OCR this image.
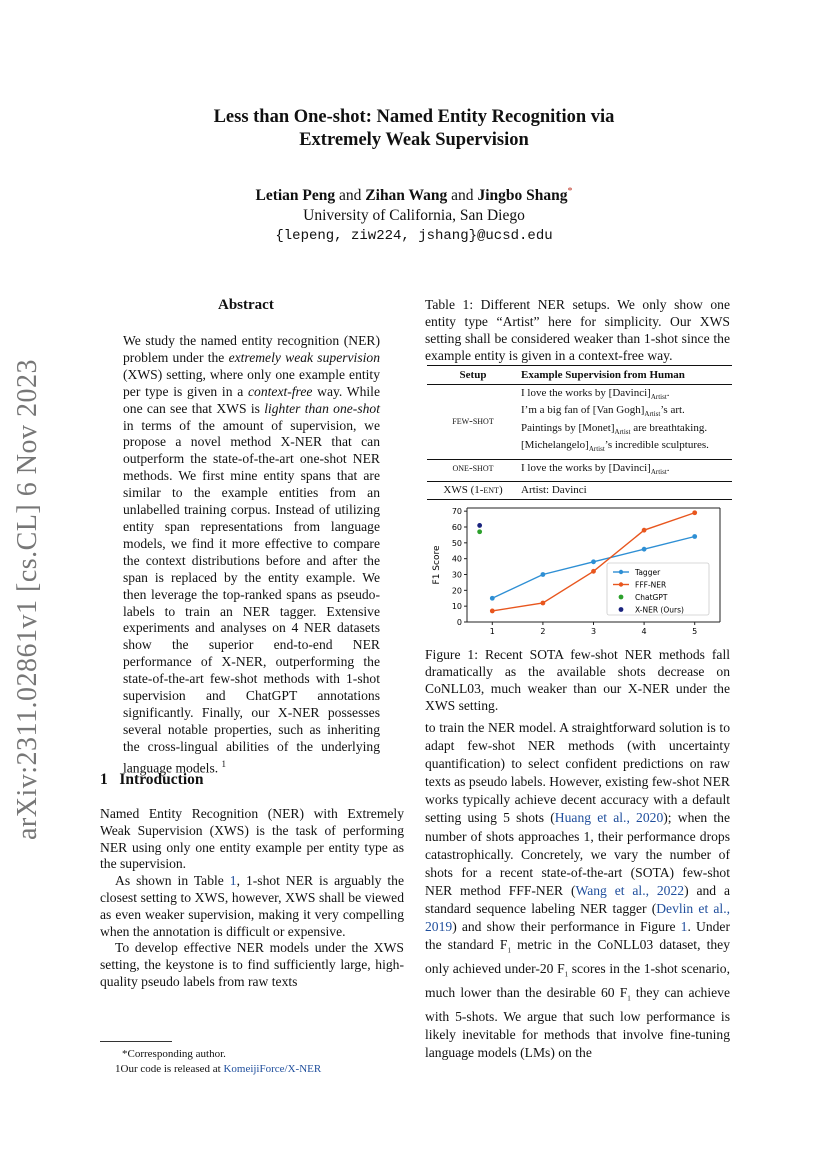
Less than One-shot: Named Entity Recognition via
Extremely Weak Supervision
Letian Peng and Zihan Wang and Jingbo Shang*
University of California, San Diego
{lepeng, ziw224, jshang}@ucsd.edu
arXiv:2311.02861v1 [cs.CL] 6 Nov 2023
Abstract

We study the named entity recognition (NER) problem under the extremely weak supervision (XWS) setting, where only one example entity per type is given in a context-free way. While one can see that XWS is lighter than one-shot in terms of the amount of supervision, we propose a novel method X-NER that can outperform the state-of-the-art one-shot NER methods. We first mine entity spans that are similar to the example entities from an unlabelled training corpus. Instead of utilizing entity span representations from language models, we find it more effective to compare the context distributions before and after the span is replaced by the entity example. We then leverage the top-ranked spans as pseudo-labels to train an NER tagger. Extensive experiments and analyses on 4 NER datasets show the superior end-to-end NER performance of X-NER, outperforming the state-of-the-art few-shot methods with 1-shot supervision and ChatGPT annotations significantly. Finally, our X-NER possesses several notable properties, such as inheriting the cross-lingual abilities of the underlying language models. $^1$

1   Introduction

Named Entity Recognition (NER) with Extremely Weak Supervision (XWS) is the task of performing NER using only one entity example per entity type as the supervision.

As shown in Table 1, 1-shot NER is arguably the closest setting to XWS, however, XWS shall be viewed as even weaker supervision, making it very compelling when the annotation is difficult or expensive.

To develop effective NER models under the XWS setting, the keystone is to find sufficiently large, high-quality pseudo labels from raw texts

*Corresponding author.
1Our code is released at KomeijiForce/X-NER
Table 1: Different NER setups. We only show one entity type “Artist” here for simplicity. Our XWS setting shall be considered weaker than 1-shot since the example entity is given in a context-free way.
Setup	Example Supervision from Human
few-shot	I love the works by $[Davinci]_{Artist}$.
I’m a big fan of [Van $Gogh]_{Artist}’s$ art.
Paintings by $[Monet]_{Artist}$ are breathtaking.
$[Michelangelo]_{Artist}’s$ incredible sculptures.

one-shot	I love the works by $[Davinci]_{Artist}$.
XWS (1-ent)	Artist: Davinci
0
10
20
30
40
50
60
70
1	2	3	4	5
F1 Score	Tagger
FFF-NER
ChatGPT
X-NER (Ours)
Figure 1: Recent SOTA few-shot NER methods fall dramatically as the available shots decrease on CoNLL03, much weaker than our X-NER under the XWS setting.

to train the NER model. A straightforward solution is to adapt few-shot NER methods (with uncertainty quantification) to select confident predictions on raw texts as pseudo labels. However, existing few-shot NER works typically achieve decent accuracy with a default setting using 5 shots (Huang et al., 2020); when the number of shots approaches 1, their performance drops catastrophically. Concretely, we vary the number of shots for a recent state-of-the-art (SOTA) few-shot NER method FFF-NER (Wang et al., 2022) and a standard sequence labeling NER tagger (Devlin et al., 2019) and show their performance in Figure 1. Under the standard $F_1$ metric in the CoNLL03 dataset, they only achieved under-20 $F_1$ scores in the 1-shot scenario, much lower than the desirable 60 $F_1$ they can achieve with 5-shots. We argue that such low performance is likely inevitable for methods that involve fine-tuning language models (LMs) on the
